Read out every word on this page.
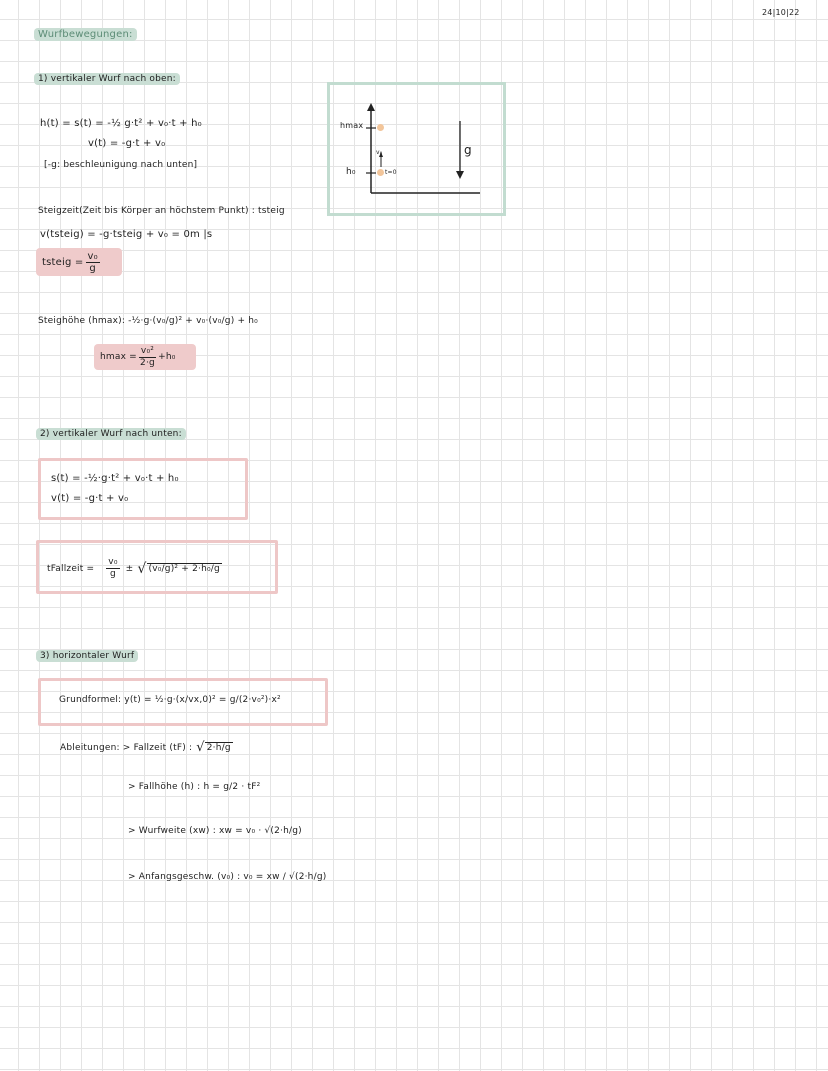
24|10|22
Wurfbewegungen:
1) vertikaler Wurf nach oben:
h(t) = s(t) = -½ g·t² + v₀·t + h₀
v(t) = -g·t + v₀
[-g: beschleunigung nach unten]
Steigzeit(Zeit bis Körper an höchstem Punkt) : tsteig
v(tsteig) = -g·tsteig + v₀ = 0m |s
tsteig = $\frac{\text{v₀}}{g}$
Steighöhe (hmax): -½·g·(v₀/g)² + v₀·(v₀/g) + h₀
$hmax = \frac{\text{v₀²}}{2\cdot g} +h_0$
hmax
h₀
v₀
t=0
g
2) vertikaler Wurf nach unten:
s(t) = -½·g·t² + v₀·t + h₀
v(t) = -g·t + v₀
tFallzeit = $\frac{\text{v₀}}{g}$ ± √ (v₀/g)² + 2·h₀/g
3) horizontaler Wurf
Grundformel: y(t) = ½·g·(x/vx,0)² = g/(2·v₀²)·x²
Ableitungen: > Fallzeit (tF) : √ 2·h/g
> Fallhöhe (h) : h = g/2 · tF²
> Wurfweite (xw) : xw = v₀ · √(2·h/g)
> Anfangsgeschw. (v₀) : v₀ = xw / √(2·h/g)
